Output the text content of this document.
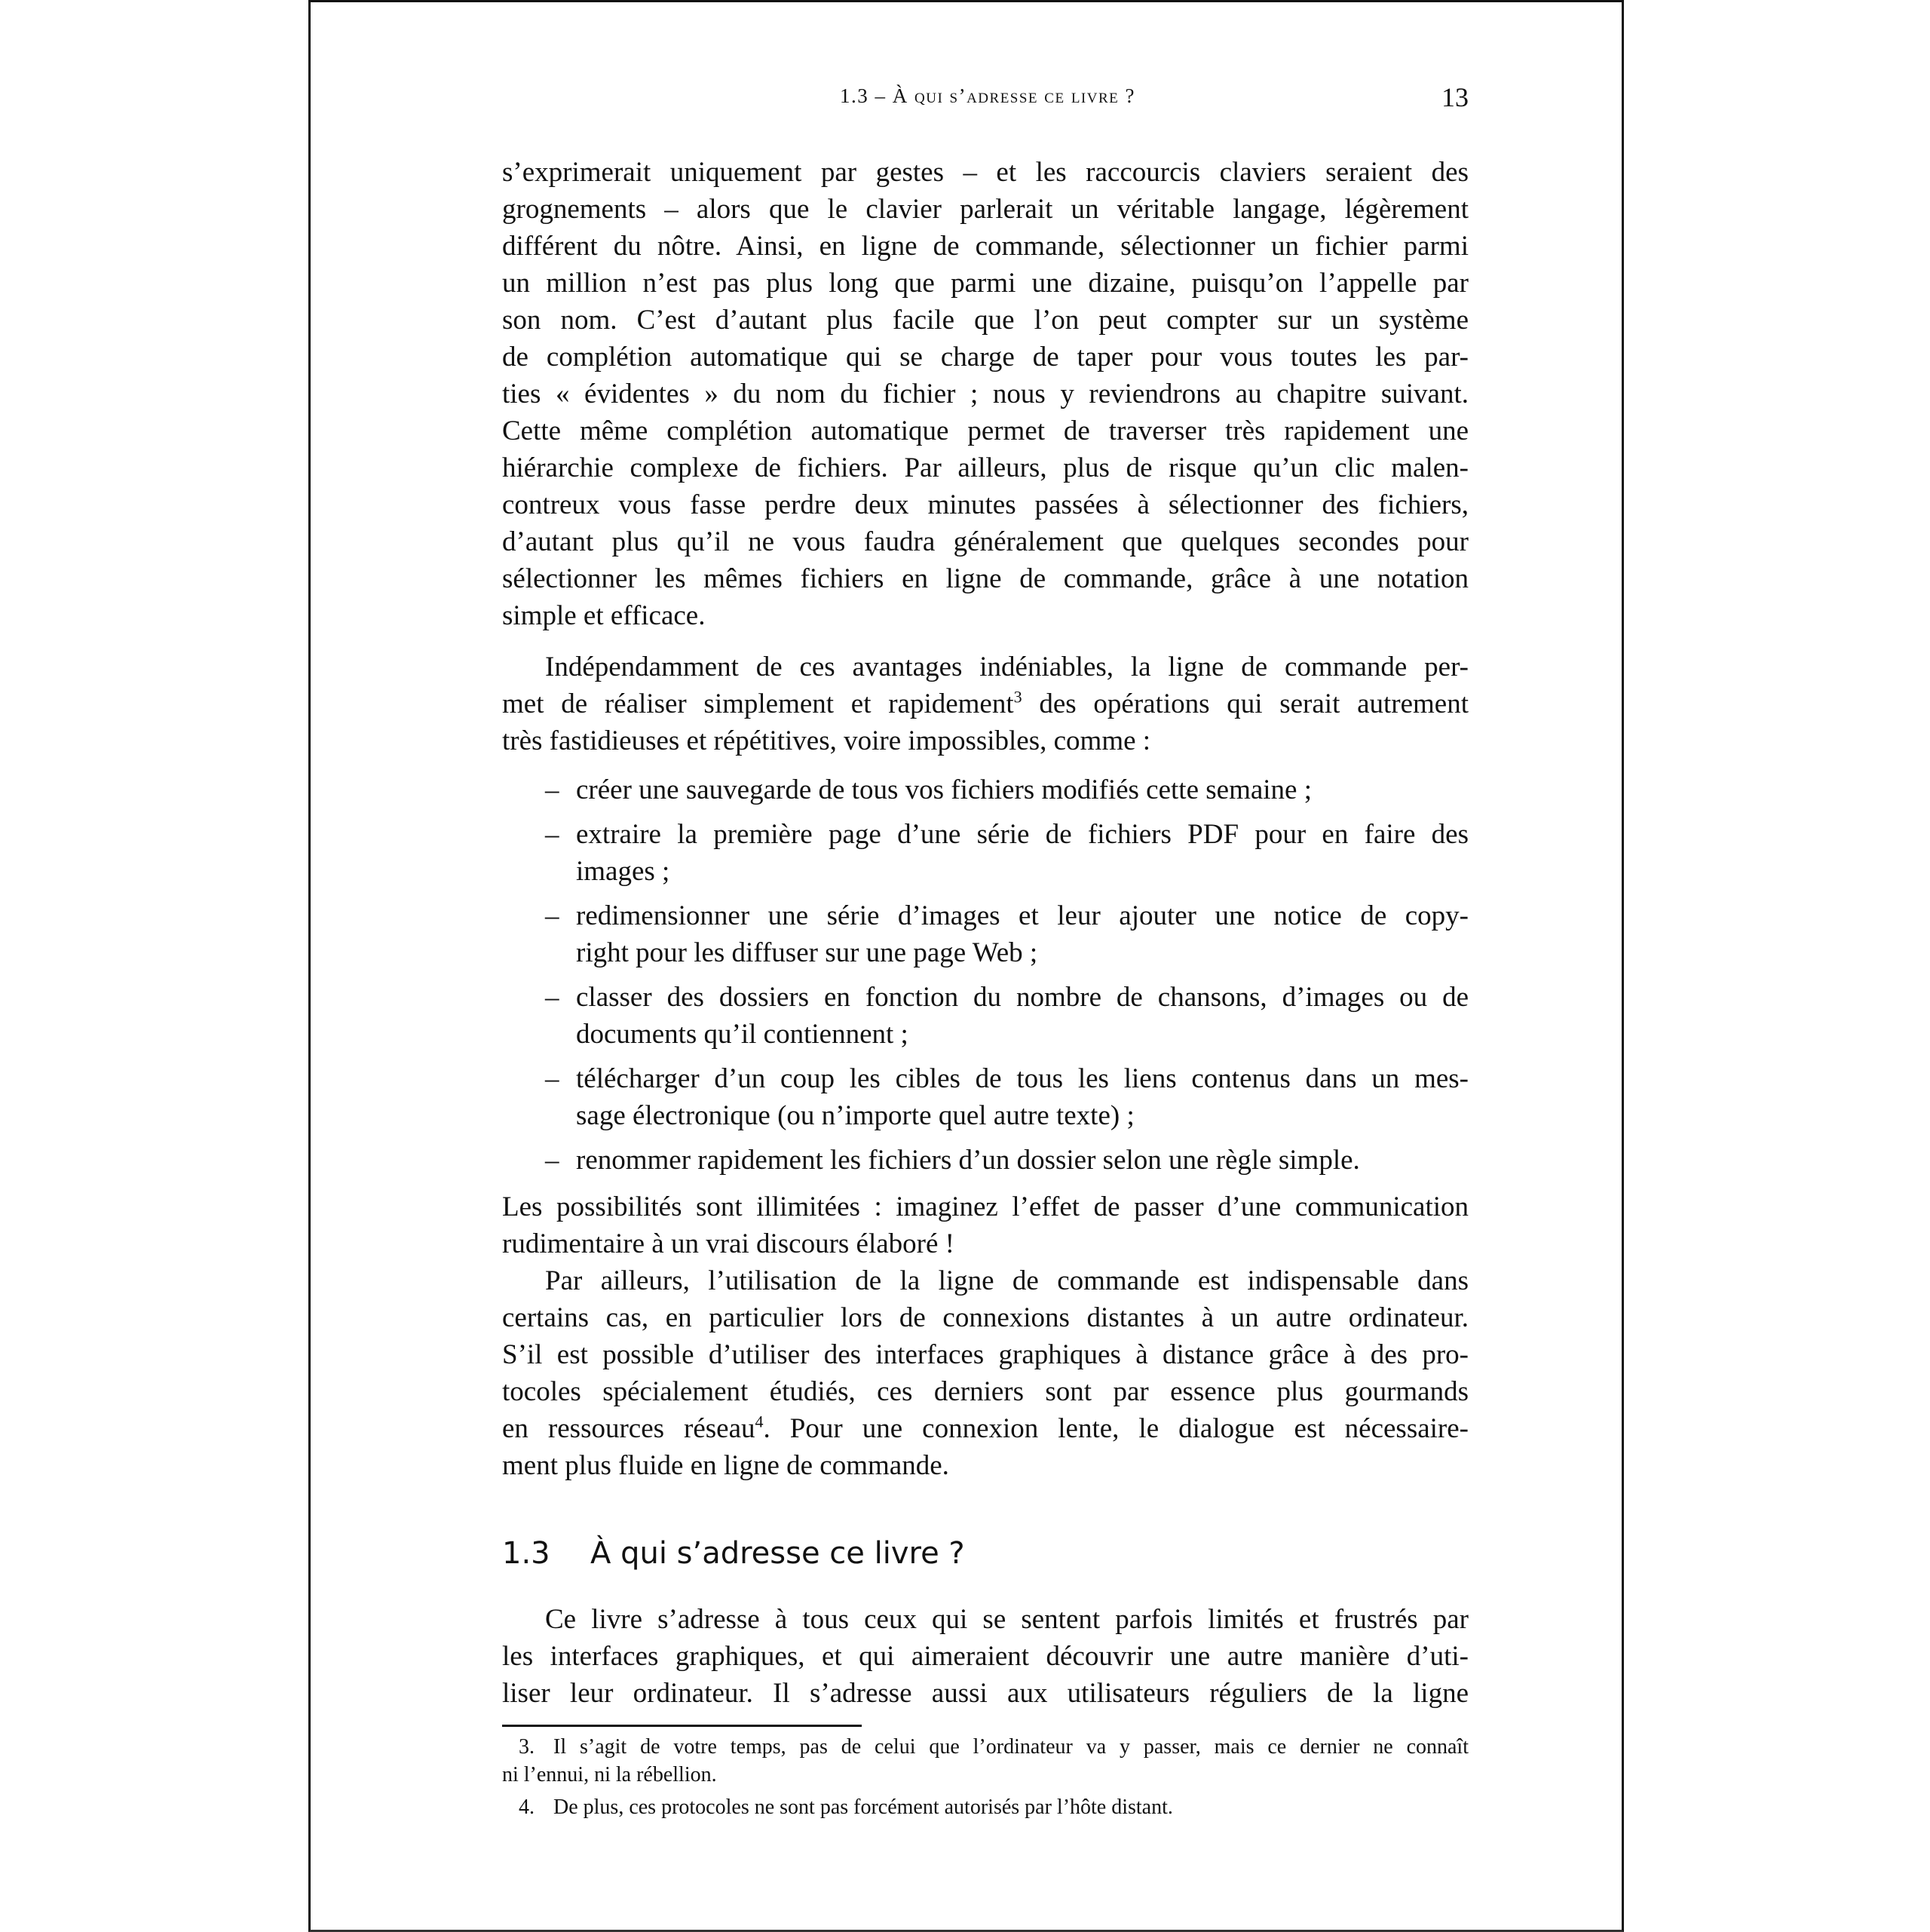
1.3 – À qui s’adresse ce livre ?	13
s’exprimerait uniquement par gestes – et les raccourcis claviers seraient des
grognements – alors que le clavier parlerait un véritable langage, légèrement
différent du nôtre. Ainsi, en ligne de commande, sélectionner un fichier parmi
un million n’est pas plus long que parmi une dizaine, puisqu’on l’appelle par
son nom. C’est d’autant plus facile que l’on peut compter sur un système
de complétion automatique qui se charge de taper pour vous toutes les par-
ties « évidentes » du nom du fichier ; nous y reviendrons au chapitre suivant.
Cette même complétion automatique permet de traverser très rapidement une
hiérarchie complexe de fichiers. Par ailleurs, plus de risque qu’un clic malen-
contreux vous fasse perdre deux minutes passées à sélectionner des fichiers,
d’autant plus qu’il ne vous faudra généralement que quelques secondes pour
sélectionner les mêmes fichiers en ligne de commande, grâce à une notation
simple et efficace.
Indépendamment de ces avantages indéniables, la ligne de commande per-
met de réaliser simplement et rapidement$^3$ des opérations qui serait autrement
très fastidieuses et répétitives, voire impossibles, comme :
– créer une sauvegarde de tous vos fichiers modifiés cette semaine ;
– extraire la première page d’une série de fichiers PDF pour en faire des
images ;
– redimensionner une série d’images et leur ajouter une notice de copy-
right pour les diffuser sur une page Web ;
– classer des dossiers en fonction du nombre de chansons, d’images ou de
documents qu’il contiennent ;
– télécharger d’un coup les cibles de tous les liens contenus dans un mes-
sage électronique (ou n’importe quel autre texte) ;
– renommer rapidement les fichiers d’un dossier selon une règle simple.
Les possibilités sont illimitées : imaginez l’effet de passer d’une communication
rudimentaire à un vrai discours élaboré !
Par ailleurs, l’utilisation de la ligne de commande est indispensable dans
certains cas, en particulier lors de connexions distantes à un autre ordinateur.
S’il est possible d’utiliser des interfaces graphiques à distance grâce à des pro-
tocoles spécialement étudiés, ces derniers sont par essence plus gourmands
en ressources réseau$^4$. Pour une connexion lente, le dialogue est nécessaire-
ment plus fluide en ligne de commande.
1.3 À qui s’adresse ce livre ?
Ce livre s’adresse à tous ceux qui se sentent parfois limités et frustrés par
les interfaces graphiques, et qui aimeraient découvrir une autre manière d’uti-
liser leur ordinateur. Il s’adresse aussi aux utilisateurs réguliers de la ligne
3. Il s’agit de votre temps, pas de celui que l’ordinateur va y passer, mais ce dernier ne connaît
ni l’ennui, ni la rébellion.
4. De plus, ces protocoles ne sont pas forcément autorisés par l’hôte distant.
